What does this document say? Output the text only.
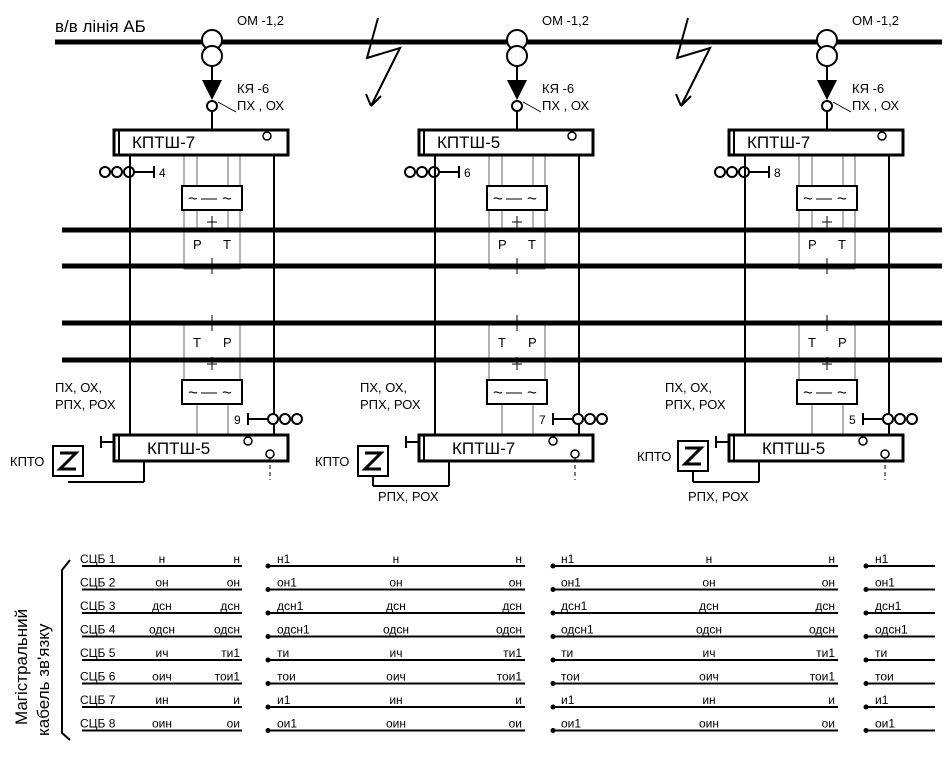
в/в лінія АБ	ОМ -1,2
КЯ -6
ПХ , ОХ
КПТШ-7
4
~ ~
Р Т
Т Р
~ ~
ПХ, ОХ,
РПХ, РОХ
9
КПТШ-5
КПТО
ОМ -1,2
КЯ -6
ПХ , ОХ
КПТШ-5
6
~ ~
Р Т
Т Р
~ ~
ПХ, ОХ,
РПХ, РОХ
7
КПТШ-7
КПТО
РПХ, РОХ
ОМ -1,2
КЯ -6
ПХ , ОХ
КПТШ-7
8
~ ~
Р Т
Т Р
~ ~
ПХ, ОХ,
РПХ, РОХ
5
КПТШ-5
КПТО
РПХ, РОХ
Магістральний кабель зв'язку
СЦБ 1	н	н	н1	н	н	н1	н	н	н1
СЦБ 2	он	он	он1	он	он	он1	он	он	он1
СЦБ 3	дсн	дсн	дсн1	дсн	дсн	дсн1	дсн	дсн	дсн1
СЦБ 4	одсн	одсн	одсн1	одсн	одсн	одсн1	одсн	одсн	одсн1
СЦБ 5	ич	ти1	ти	ич	ти1	ти	ич	ти1	ти
СЦБ 6	оич	тои1	тои	оич	тои1	тои	оич	тои1	тои
СЦБ 7	ин	и	и1	ин	и	и1	ин	и	и1
СЦБ 8	оин	ои	ои1	оин	ои	ои1	оин	ои	ои1
